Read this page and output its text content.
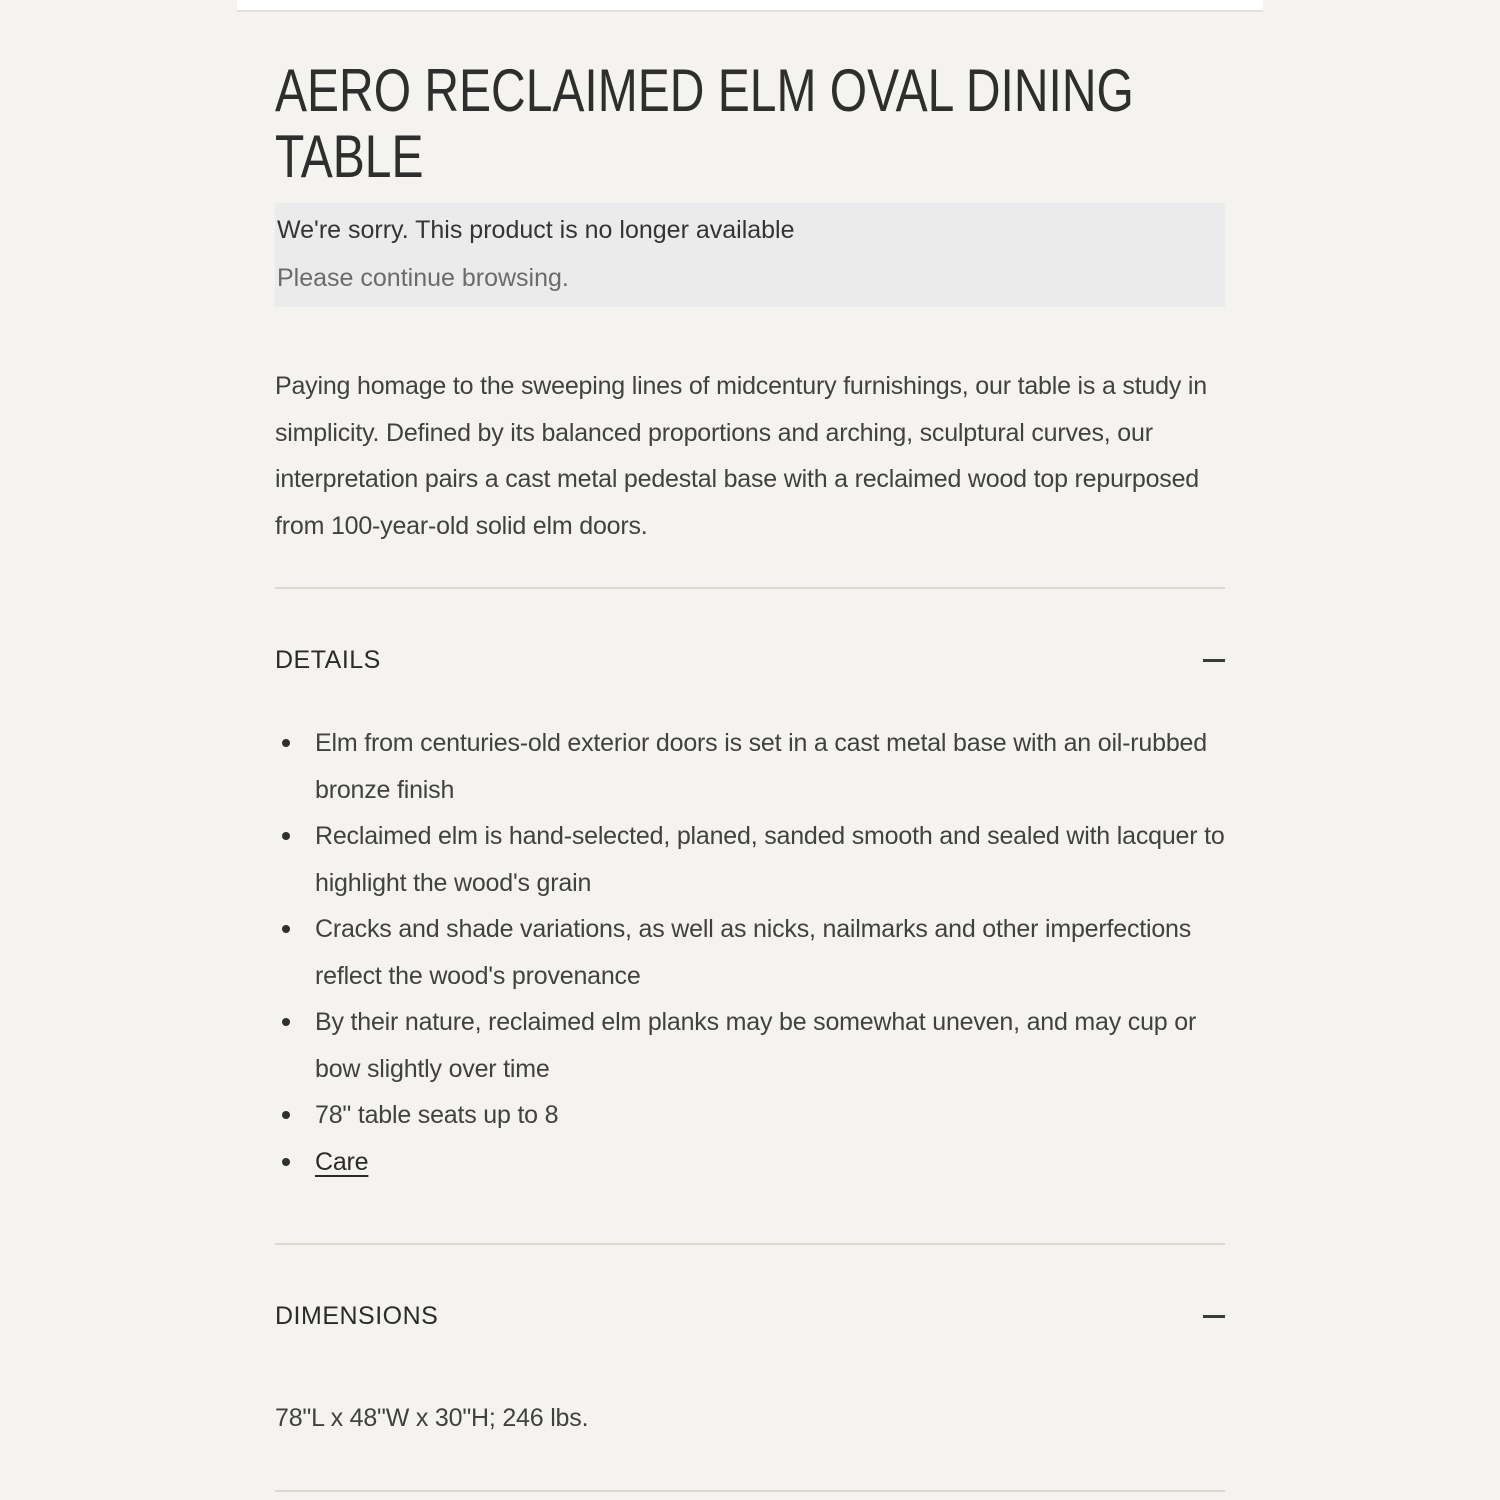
AERO RECLAIMED ELM OVAL DINING TABLE

We're sorry. This product is no longer available

Please continue browsing.

Paying homage to the sweeping lines of midcentury furnishings, our table is a study in simplicity. Defined by its balanced proportions and arching, sculptural curves, our interpretation pairs a cast metal pedestal base with a reclaimed wood top repurposed from 100-year-old solid elm doors.

DETAILS
Elm from centuries-old exterior doors is set in a cast metal base with an oil-rubbed bronze finish
Reclaimed elm is hand-selected, planed, sanded smooth and sealed with lacquer to highlight the wood's grain
Cracks and shade variations, as well as nicks, nailmarks and other imperfections reflect the wood's provenance
By their nature, reclaimed elm planks may be somewhat uneven, and may cup or bow slightly over time
78" table seats up to 8
Care
DIMENSIONS

78"L x 48"W x 30"H; 246 lbs.
